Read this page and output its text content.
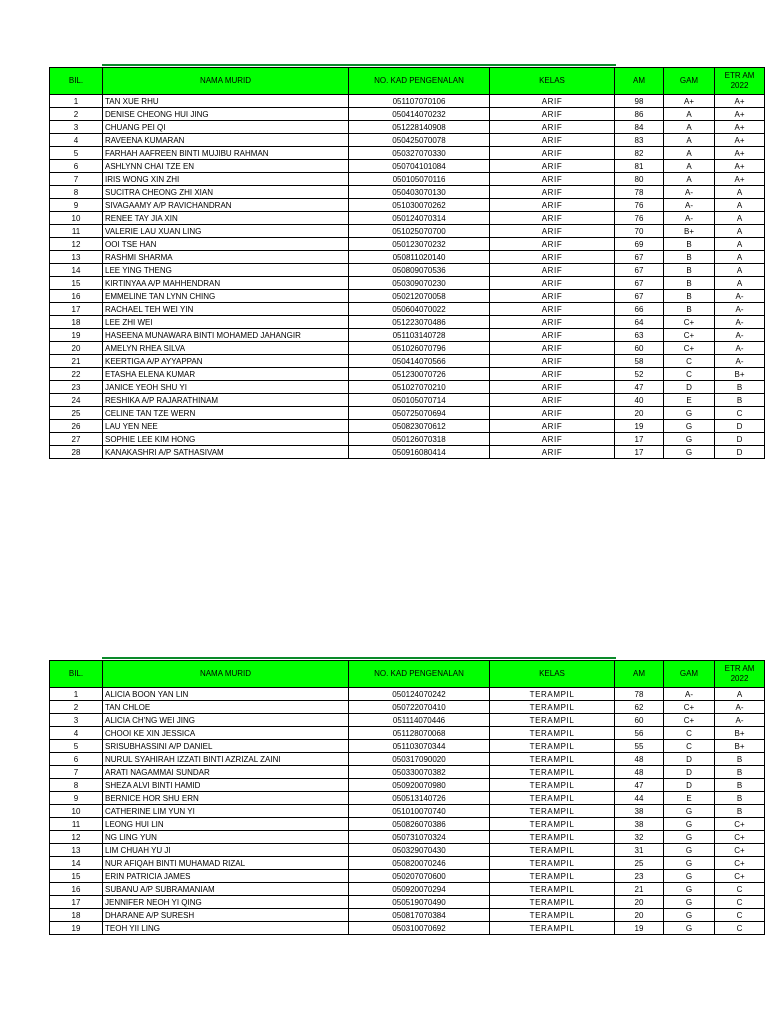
BIL.	NAMA MURID	NO. KAD PENGENALAN	KELAS	AM	GAM	ETR AM 2022
1	TAN XUE RHU	051107070106	ARIF	98	A+	A+
2	DENISE CHEONG HUI JING	050414070232	ARIF	86	A	A+
3	CHUANG PEI QI	051228140908	ARIF	84	A	A+
4	RAVEENA KUMARAN	050425070078	ARIF	83	A	A+
5	FARHAH AAFREEN BINTI MUJIBU RAHMAN	050327070330	ARIF	82	A	A+
6	ASHLYNN CHAI TZE EN	050704101084	ARIF	81	A	A+
7	IRIS WONG XIN ZHI	050105070116	ARIF	80	A	A+
8	SUCITRA CHEONG ZHI XIAN	050403070130	ARIF	78	A-	A
9	SIVAGAAMY A/P RAVICHANDRAN	051030070262	ARIF	76	A-	A
10	RENEE TAY JIA XIN	050124070314	ARIF	76	A-	A
11	VALERIE LAU XUAN LING	051025070700	ARIF	70	B+	A
12	OOI TSE HAN	050123070232	ARIF	69	B	A
13	RASHMI SHARMA	050811020140	ARIF	67	B	A
14	LEE YING THENG	050809070536	ARIF	67	B	A
15	KIRTINYAA A/P MAHHENDRAN	050309070230	ARIF	67	B	A
16	EMMELINE TAN LYNN CHING	050212070058	ARIF	67	B	A-
17	RACHAEL TEH WEI YIN	050604070022	ARIF	66	B	A-
18	LEE ZHI WEI	051223070486	ARIF	64	C+	A-
19	HASEENA MUNAWARA BINTI MOHAMED JAHANGIR	051103140728	ARIF	63	C+	A-
20	AMELYN RHEA SILVA	051026070796	ARIF	60	C+	A-
21	KEERTIGA A/P AYYAPPAN	050414070566	ARIF	58	C	A-
22	ETASHA ELENA KUMAR	051230070726	ARIF	52	C	B+
23	JANICE YEOH SHU YI	051027070210	ARIF	47	D	B
24	RESHIKA A/P RAJARATHINAM	050105070714	ARIF	40	E	B
25	CELINE TAN TZE WERN	050725070694	ARIF	20	G	C
26	LAU YEN NEE	050823070612	ARIF	19	G	D
27	SOPHIE LEE KIM HONG	050126070318	ARIF	17	G	D
28	KANAKASHRI A/P SATHASIVAM	050916080414	ARIF	17	G	D
BIL.	NAMA MURID	NO. KAD PENGENALAN	KELAS	AM	GAM	ETR AM 2022
1	ALICIA BOON YAN LIN	050124070242	TERAMPIL	78	A-	A
2	TAN CHLOE	050722070410	TERAMPIL	62	C+	A-
3	ALICIA CH'NG WEI JING	051114070446	TERAMPIL	60	C+	A-
4	CHOOI KE XIN JESSICA	051128070068	TERAMPIL	56	C	B+
5	SRISUBHASSINI A/P DANIEL	051103070344	TERAMPIL	55	C	B+
6	NURUL SYAHIRAH IZZATI BINTI AZRIZAL ZAINI	050317090020	TERAMPIL	48	D	B
7	ARATI NAGAMMAI SUNDAR	050330070382	TERAMPIL	48	D	B
8	SHEZA ALVI BINTI HAMID	050920070980	TERAMPIL	47	D	B
9	BERNICE HOR SHU ERN	050513140726	TERAMPIL	44	E	B
10	CATHERINE LIM YUN YI	051010070740	TERAMPIL	38	G	B
11	LEONG HUI LIN	050826070386	TERAMPIL	38	G	C+
12	NG LING YUN	050731070324	TERAMPIL	32	G	C+
13	LIM CHUAH YU JI	050329070430	TERAMPIL	31	G	C+
14	NUR AFIQAH BINTI MUHAMAD RIZAL	050820070246	TERAMPIL	25	G	C+
15	ERIN PATRICIA JAMES	050207070600	TERAMPIL	23	G	C+
16	SUBANU A/P SUBRAMANIAM	050920070294	TERAMPIL	21	G	C
17	JENNIFER NEOH YI QING	050519070490	TERAMPIL	20	G	C
18	DHARANE A/P SURESH	050817070384	TERAMPIL	20	G	C
19	TEOH YII LING	050310070692	TERAMPIL	19	G	C
